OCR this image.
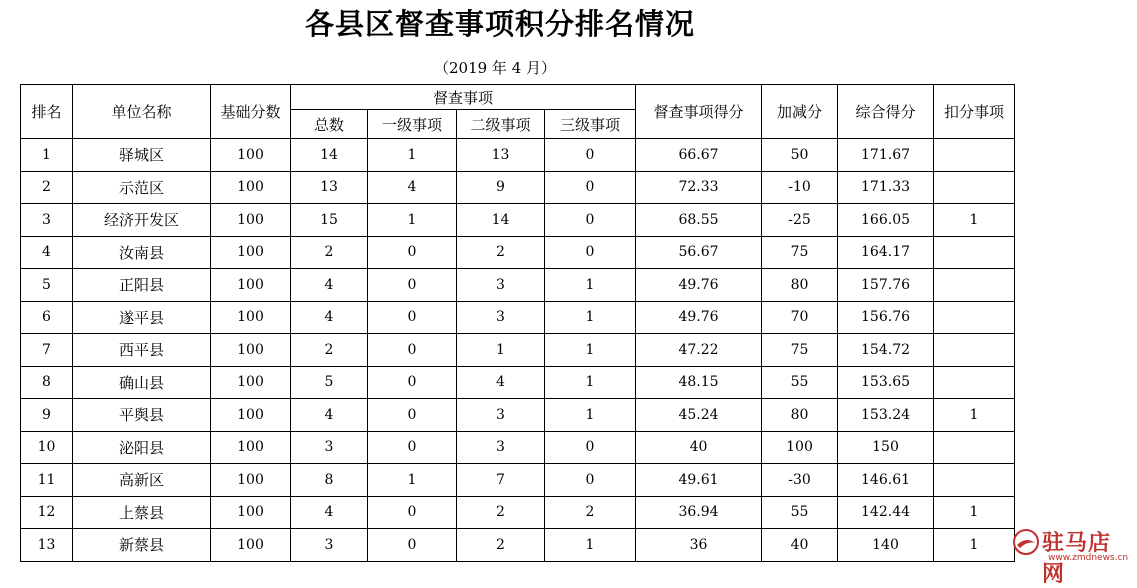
各县区督查事项积分排名情况
（2019 年 4 月）
排名	单位名称	基础分数	督查事项				督查事项得分	加减分	综合得分	扣分事项
			总数	一级事项	二级事项	三级事项				
1	驿城区	100	14	1	13	0	66.67	50	171.67	
2	示范区	100	13	4	9	0	72.33	-10	171.33	
3	经济开发区	100	15	1	14	0	68.55	-25	166.05	1
4	汝南县	100	2	0	2	0	56.67	75	164.17	
5	正阳县	100	4	0	3	1	49.76	80	157.76	
6	遂平县	100	4	0	3	1	49.76	70	156.76	
7	西平县	100	2	0	1	1	47.22	75	154.72	
8	确山县	100	5	0	4	1	48.15	55	153.65	
9	平舆县	100	4	0	3	1	45.24	80	153.24	1
10	泌阳县	100	3	0	3	0	40	100	150	
11	高新区	100	8	1	7	0	49.61	-30	146.61	
12	上蔡县	100	4	0	2	2	36.94	55	142.44	1
13	新蔡县	100	3	0	2	1	36	40	140	1	驻马店网
www.zmdnews.cn
